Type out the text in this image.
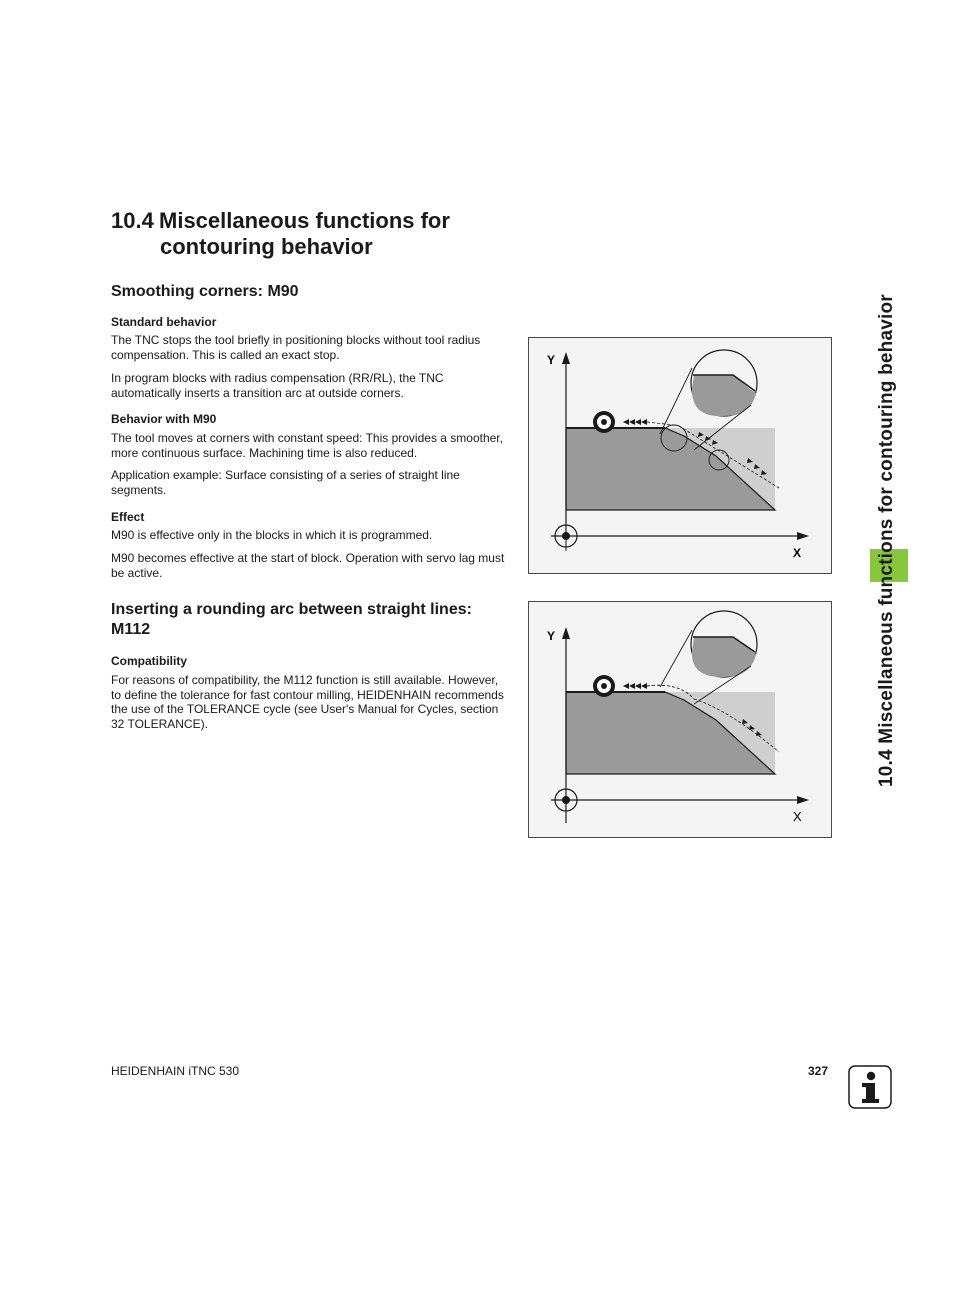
10.4 Miscellaneous functions for
contouring behavior
Smoothing corners: M90
Standard behavior
The TNC stops the tool briefly in positioning blocks without tool radius compensation. This is called an exact stop.
In program blocks with radius compensation (RR/RL), the TNC automatically inserts a transition arc at outside corners.
Behavior with M90
The tool moves at corners with constant speed: This provides a smoother, more continuous surface. Machining time is also reduced.
Application example: Surface consisting of a series of straight line segments.
Effect
M90 is effective only in the blocks in which it is programmed.
M90 becomes effective at the start of block. Operation with servo lag must be active.
Inserting a rounding arc between straight lines:
M112
Compatibility
For reasons of compatibility, the M112 function is still available. However, to define the tolerance for fast contour milling, HEIDENHAIN recommends the use of the TOLERANCE cycle (see User's Manual for Cycles, section 32 TOLERANCE).
Y
X
Y
X
10.4 Miscellaneous functions for contouring behavior
HEIDENHAIN iTNC 530	327
